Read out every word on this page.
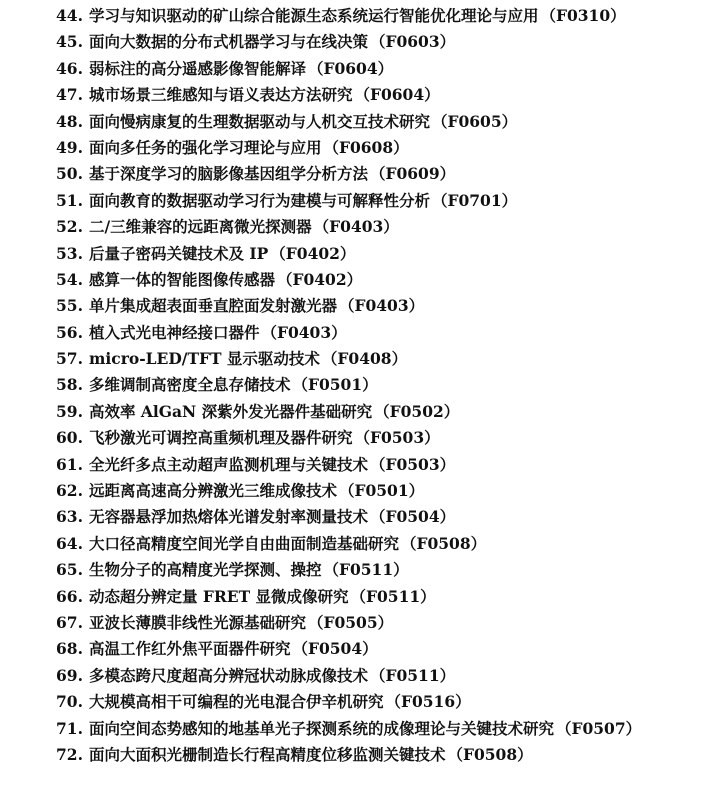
44. 学习与知识驱动的矿山综合能源生态系统运行智能优化理论与应用 （F0310）
45. 面向大数据的分布式机器学习与在线决策 （F0603）
46. 弱标注的高分遥感影像智能解译 （F0604）
47. 城市场景三维感知与语义表达方法研究 （F0604）
48. 面向慢病康复的生理数据驱动与人机交互技术研究 （F0605）
49. 面向多任务的强化学习理论与应用 （F0608）
50. 基于深度学习的脑影像基因组学分析方法 （F0609）
51. 面向教育的数据驱动学习行为建模与可解释性分析 （F0701）
52. 二/三维兼容的远距离微光探测器 （F0403）
53. 后量子密码关键技术及 IP （F0402）
54. 感算一体的智能图像传感器 （F0402）
55. 单片集成超表面垂直腔面发射激光器 （F0403）
56. 植入式光电神经接口器件 （F0403）
57. micro-LED/TFT 显示驱动技术 （F0408）
58. 多维调制高密度全息存储技术 （F0501）
59. 高效率 AlGaN 深紫外发光器件基础研究 （F0502）
60. 飞秒激光可调控高重频机理及器件研究 （F0503）
61. 全光纤多点主动超声监测机理与关键技术 （F0503）
62. 远距离高速高分辨激光三维成像技术 （F0501）
63. 无容器悬浮加热熔体光谱发射率测量技术 （F0504）
64. 大口径高精度空间光学自由曲面制造基础研究 （F0508）
65. 生物分子的高精度光学探测、操控 （F0511）
66. 动态超分辨定量 FRET 显微成像研究 （F0511）
67. 亚波长薄膜非线性光源基础研究 （F0505）
68. 高温工作红外焦平面器件研究 （F0504）
69. 多模态跨尺度超高分辨冠状动脉成像技术 （F0511）
70. 大规模高相干可编程的光电混合伊辛机研究 （F0516）
71. 面向空间态势感知的地基单光子探测系统的成像理论与关键技术研究 （F0507）
72. 面向大面积光栅制造长行程高精度位移监测关键技术 （F0508）
